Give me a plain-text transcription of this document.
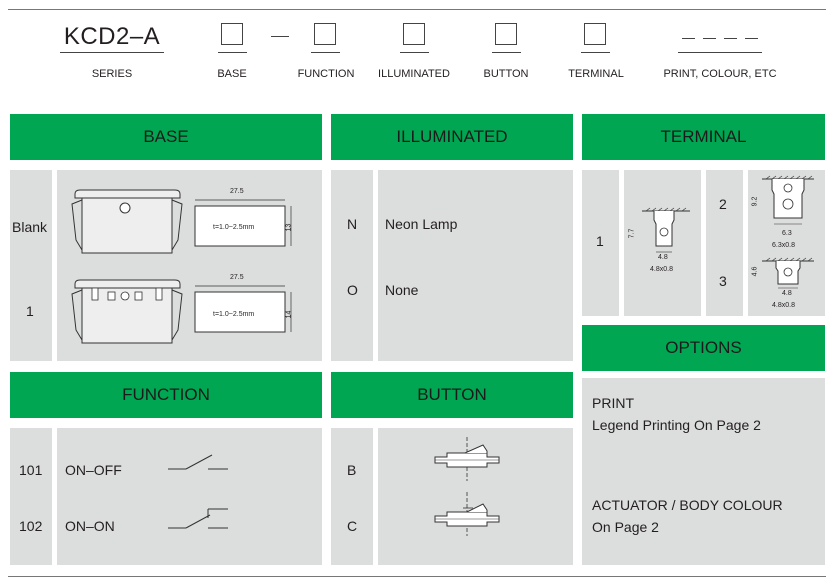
KCD2–A
SERIES	BASE	FUNCTION	ILLUMINATED	BUTTON	TERMINAL	PRINT, COLOUR, ETC
BASE	ILLUMINATED	TERMINAL
OPTIONS
FUNCTION	BUTTON
Blank
1
27.5
t=1.0~2.5mm	13
27.5
t=1.0~2.5mm	14
N Neon Lamp
O None
1
2
3
7.7
4.8
4.8x0.8
9.2
6.3
6.3x0.8
4.6
4.8
4.8x0.8
PRINT
Legend Printing On Page 2
ACTUATOR / BODY COLOUR
On Page 2
101 ON–OFF
102 ON–ON
B
C
